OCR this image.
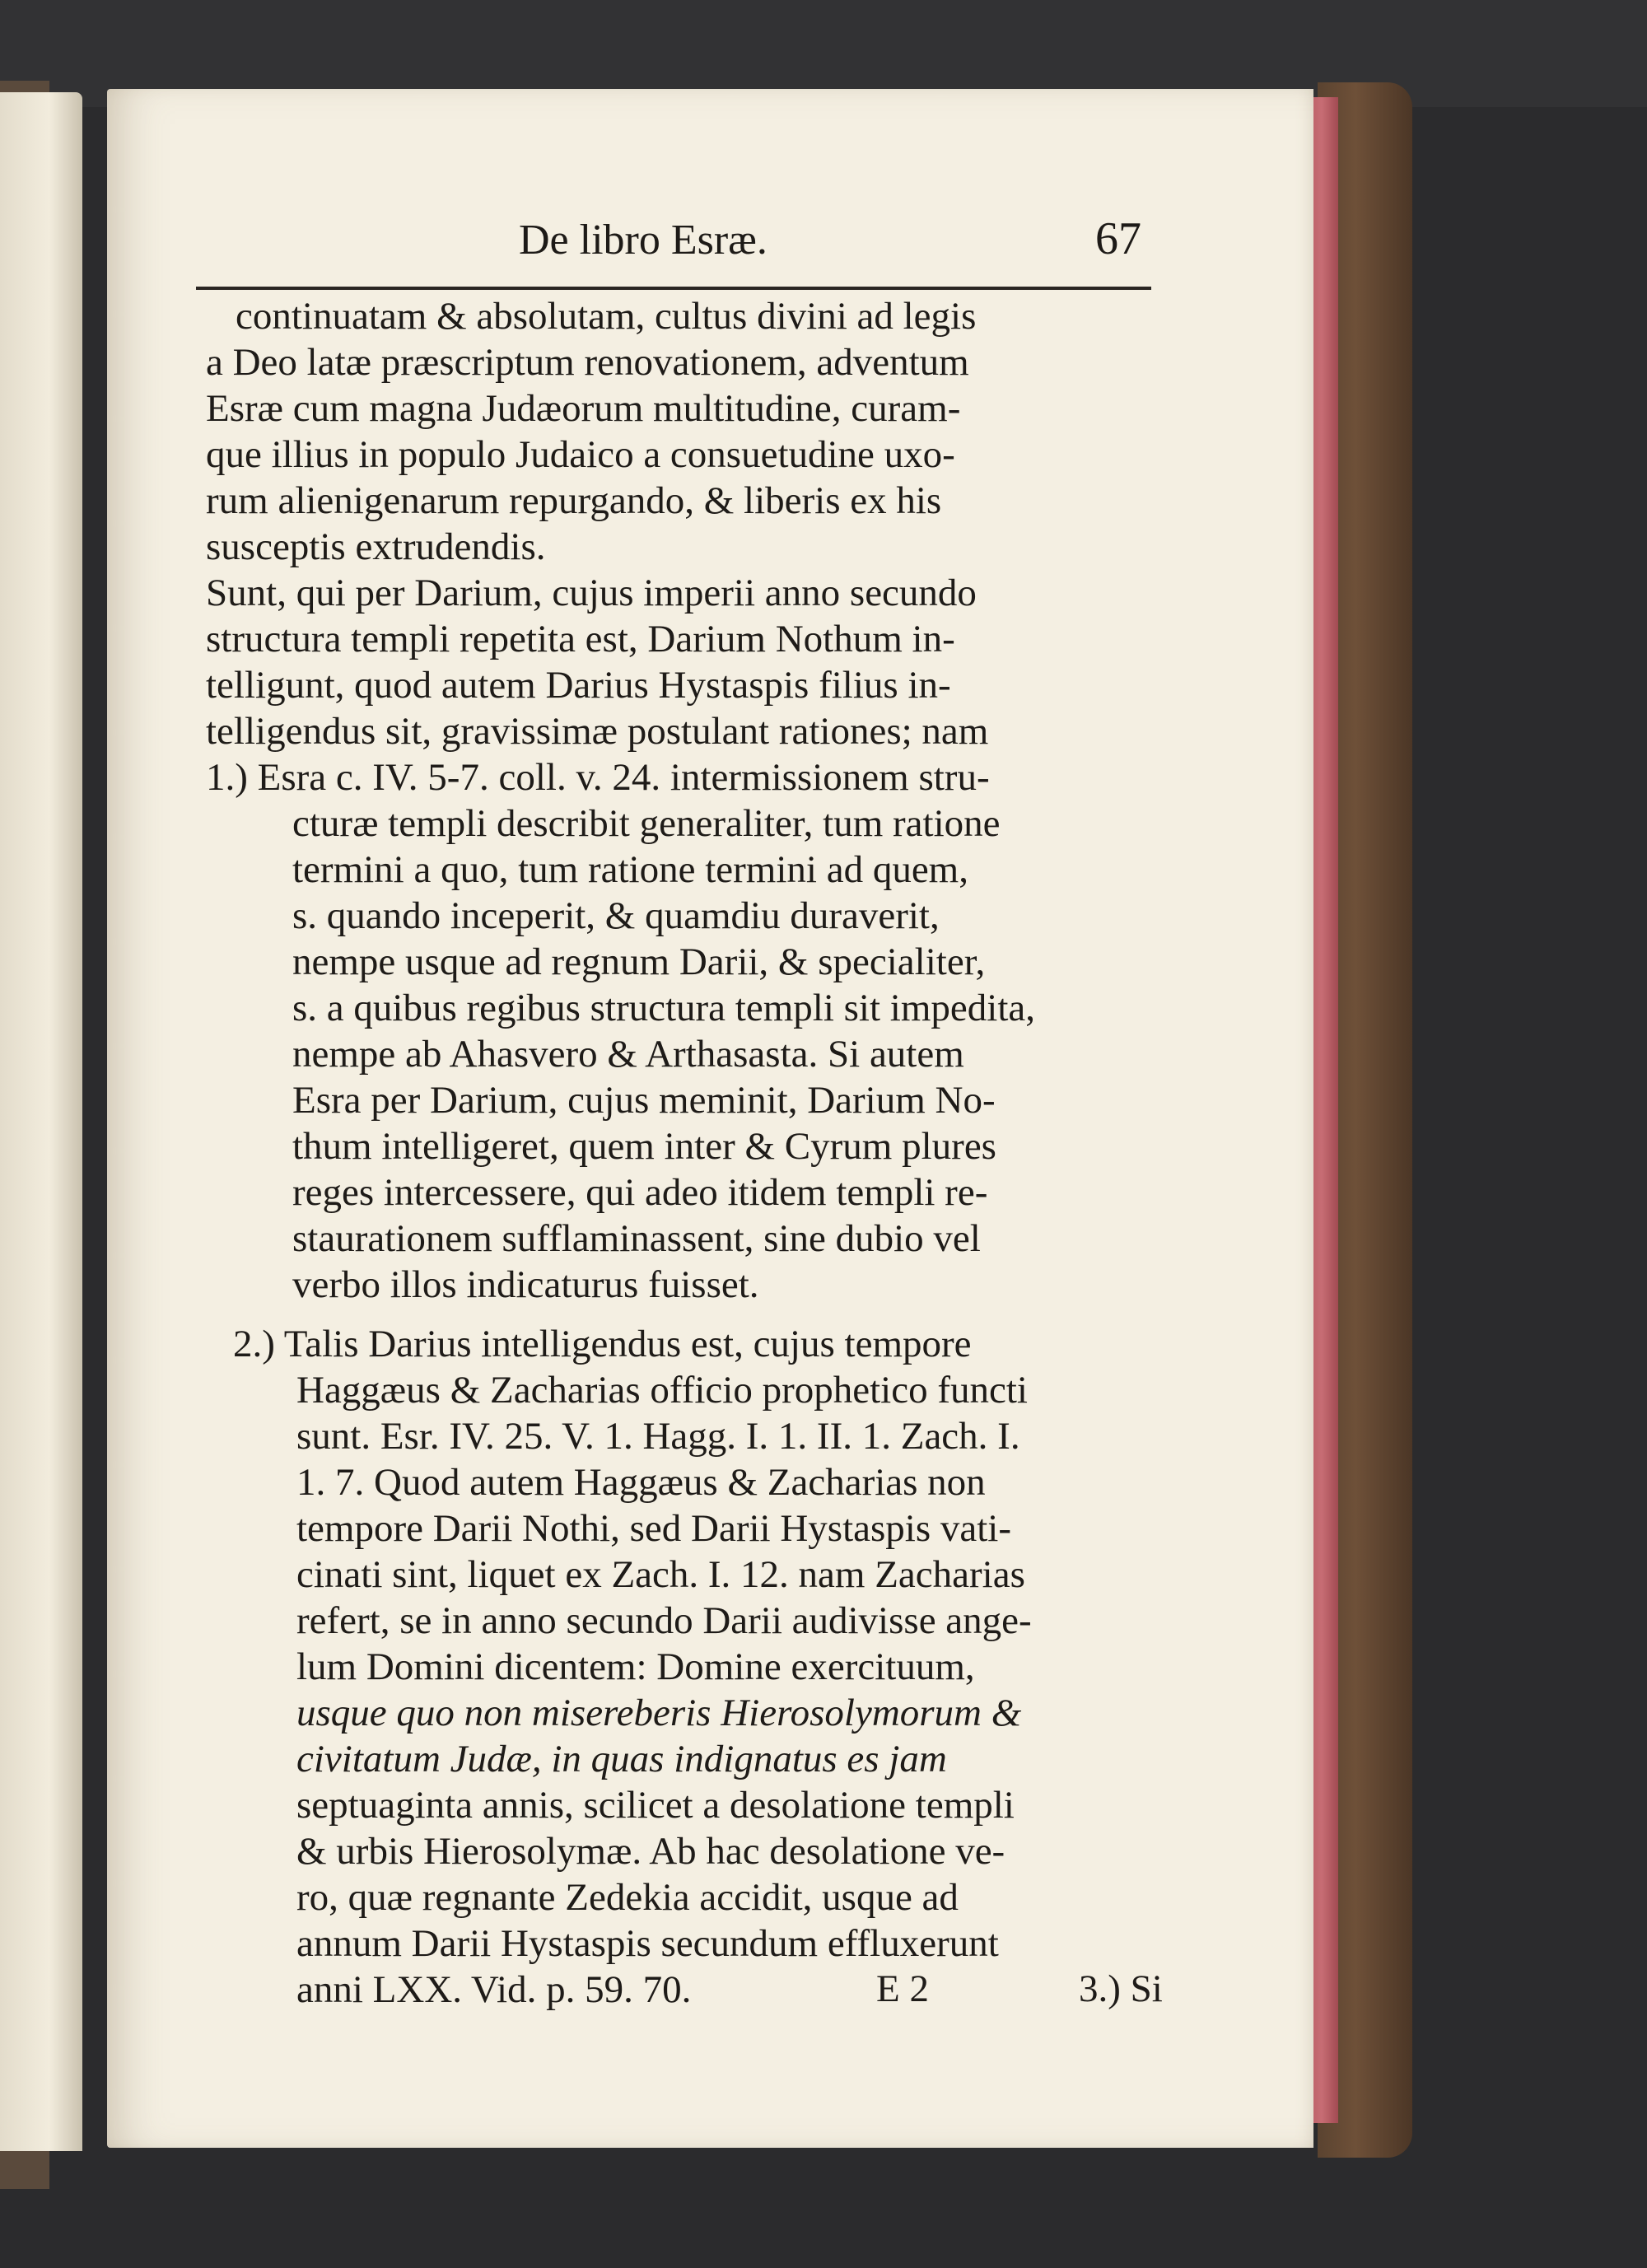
De libro Esræ.	67
continuatam & absolutam, cultus divini ad legis
a Deo latæ præscriptum renovationem, adventum
Esræ cum magna Judæorum multitudine, curam-
que illius in populo Judaico a consuetudine uxo-
rum alienigenarum repurgando, & liberis ex his
susceptis extrudendis.
Sunt, qui per Darium, cujus imperii anno secundo
structura templi repetita est, Darium Nothum in-
telligunt, quod autem Darius Hystaspis filius in-
telligendus sit, gravissimæ postulant rationes; nam
1.) Esra c. IV. 5-7. coll. v. 24. intermissionem stru-
cturæ templi describit generaliter, tum ratione
termini a quo, tum ratione termini ad quem,
s. quando inceperit, & quamdiu duraverit,
nempe usque ad regnum Darii, & specialiter,
s. a quibus regibus structura templi sit impedita,
nempe ab Ahasvero & Arthasasta. Si autem
Esra per Darium, cujus meminit, Darium No-
thum intelligeret, quem inter & Cyrum plures
reges intercessere, qui adeo itidem templi re-
staurationem sufflaminassent, sine dubio vel
verbo illos indicaturus fuisset.
2.) Talis Darius intelligendus est, cujus tempore
Haggæus & Zacharias officio prophetico functi
sunt. Esr. IV. 25. V. 1. Hagg. I. 1. II. 1. Zach. I.
1. 7. Quod autem Haggæus & Zacharias non
tempore Darii Nothi, sed Darii Hystaspis vati-
cinati sint, liquet ex Zach. I. 12. nam Zacharias
refert, se in anno secundo Darii audivisse ange-
lum Domini dicentem: Domine exercituum,
usque quo non misereberis Hierosolymorum &
civitatum Judæ, in quas indignatus es jam
septuaginta annis, scilicet a desolatione templi
& urbis Hierosolymæ. Ab hac desolatione ve-
ro, quæ regnante Zedekia accidit, usque ad
annum Darii Hystaspis secundum effluxerunt
anni LXX. Vid. p. 59. 70.	E 2	3.) Si
